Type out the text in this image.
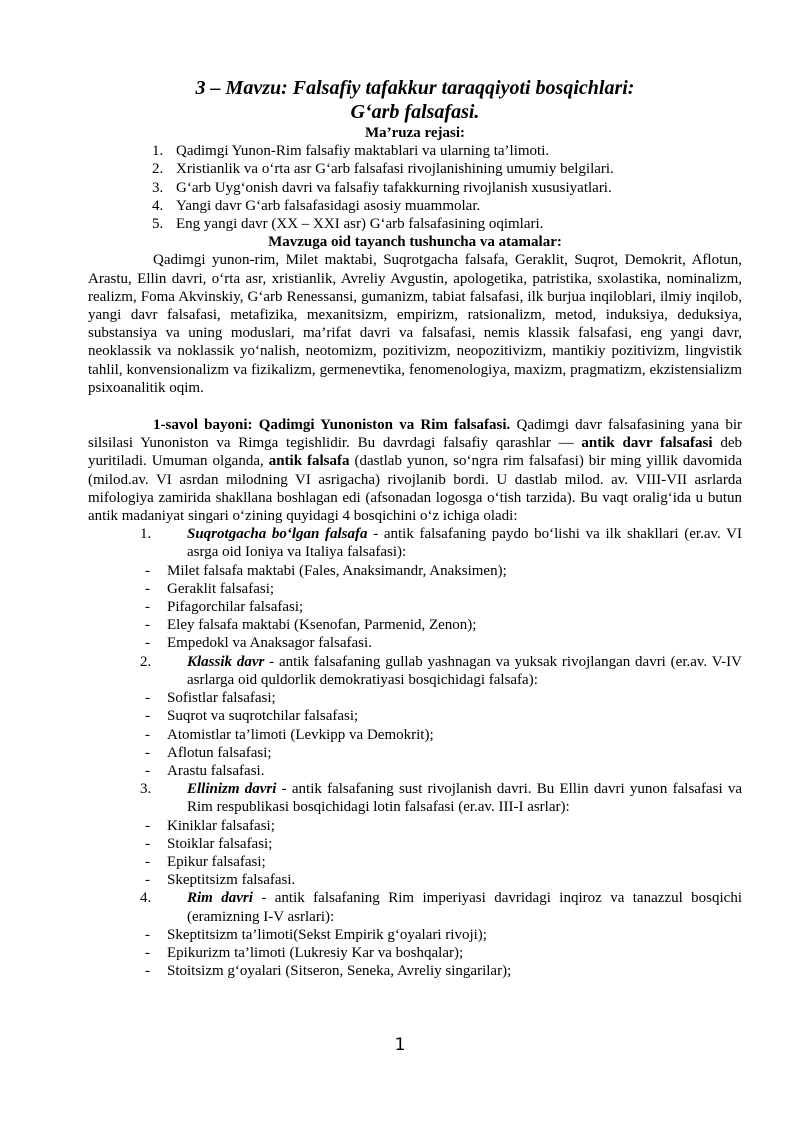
3 – Mavzu: Falsafiy tafakkur taraqqiyoti bosqichlari:
G‘arb falsafasi.
Ma’ruza rejasi:
1. Qadimgi Yunon-Rim falsafiy maktablari va ularning ta’limoti.
2. Xristianlik va o‘rta asr G‘arb falsafasi rivojlanishining umumiy belgilari.
3. G‘arb Uyg‘onish davri va falsafiy tafakkurning rivojlanish xususiyatlari.
4. Yangi davr G‘arb falsafasidagi asosiy muammolar.
5. Eng yangi davr (XX – XXI asr) G‘arb falsafasining oqimlari.
Mavzuga oid tayanch tushuncha va atamalar:

Qadimgi yunon-rim, Milet maktabi, Suqrotgacha falsafa, Geraklit, Suqrot, Demokrit, Aflotun, Arastu, Ellin davri, o‘rta asr, xristianlik, Avreliy Avgustin, apologetika, patristika, sxolastika, nominalizm, realizm, Foma Akvinskiy, G‘arb Renessansi, gumanizm, tabiat falsafasi, ilk burjua inqiloblari, ilmiy inqilob, yangi davr falsafasi, metafizika, mexanitsizm, empirizm, ratsionalizm, metod, induksiya, deduksiya, substansiya va uning moduslari, ma’rifat davri va falsafasi, nemis klassik falsafasi, eng yangi davr, neoklassik va noklassik yo‘nalish, neotomizm, pozitivizm, neopozitivizm, mantikiy pozitivizm, lingvistik tahlil, konvensionalizm va fizikalizm, germenevtika, fenomenologiya, maxizm, pragmatizm, ekzistensializm psixoanalitik oqim.

1-savol bayoni: Qadimgi Yunoniston va Rim falsafasi. Qadimgi davr falsafasining yana bir silsilasi Yunoniston va Rimga tegishlidir. Bu davrdagi falsafiy qarashlar — antik davr falsafasi deb yuritiladi. Umuman olganda, antik falsafa (dastlab yunon, so‘ngra rim falsafasi) bir ming yillik davomida (milod.av. VI asrdan milodning VI asrigacha) rivojlanib bordi. U dastlab milod. av. VIII-VII asrlarda mifologiya zamirida shakllana boshlagan edi (afsonadan logosga o‘tish tarzida). Bu vaqt oralig‘ida u butun antik madaniyat singari o‘zining quyidagi 4 bosqichini o‘z ichiga oladi:

1. Suqrotgacha bo‘lgan falsafa - antik falsafaning paydo bo‘lishi va ilk shakllari (er.av. VI asrga oid Ioniya va Italiya falsafasi):
- Milet falsafa maktabi (Fales, Anaksimandr, Anaksimen);
- Geraklit falsafasi;
- Pifagorchilar falsafasi;
- Eley falsafa maktabi (Ksenofan, Parmenid, Zenon);
- Empedokl va Anaksagor falsafasi.
2. Klassik davr - antik falsafaning gullab yashnagan va yuksak rivojlangan davri (er.av. V-IV asrlarga oid quldorlik demokratiyasi bosqichidagi falsafa):
- Sofistlar falsafasi;
- Suqrot va suqrotchilar falsafasi;
- Atomistlar ta’limoti (Levkipp va Demokrit);
- Aflotun falsafasi;
- Arastu falsafasi.
3. Ellinizm davri - antik falsafaning sust rivojlanish davri. Bu Ellin davri yunon falsafasi va Rim respublikasi bosqichidagi lotin falsafasi (er.av. III-I asrlar):
- Kiniklar falsafasi;
- Stoiklar falsafasi;
- Epikur falsafasi;
- Skeptitsizm falsafasi.
4. Rim davri - antik falsafaning Rim imperiyasi davridagi inqiroz va tanazzul bosqichi (eramizning I-V asrlari):
- Skeptitsizm ta’limoti(Sekst Empirik g‘oyalari rivoji);
- Epikurizm ta’limoti (Lukresiy Kar va boshqalar);
- Stoitsizm g‘oyalari (Sitseron, Seneka, Avreliy singarilar);
1
